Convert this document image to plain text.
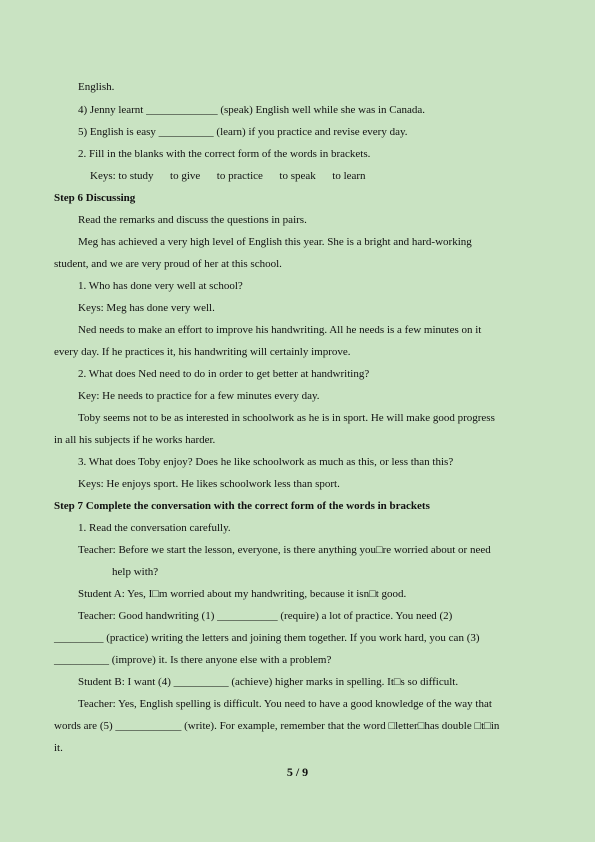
English.
4) Jenny learnt _____________ (speak) English well while she was in Canada.
5) English is easy __________ (learn) if you practice and revise every day.
2. Fill in the blanks with the correct form of the words in brackets.
Keys: to study      to give      to practice      to speak      to learn
Step 6 Discussing
Read the remarks and discuss the questions in pairs.
Meg has achieved a very high level of English this year. She is a bright and hard-working
student, and we are very proud of her at this school.
1. Who has done very well at school?
Keys: Meg has done very well.
Ned needs to make an effort to improve his handwriting. All he needs is a few minutes on it
every day. If he practices it, his handwriting will certainly improve.
2. What does Ned need to do in order to get better at handwriting?
Key: He needs to practice for a few minutes every day.
Toby seems not to be as interested in schoolwork as he is in sport. He will make good progress
in all his subjects if he works harder.
3. What does Toby enjoy? Does he like schoolwork as much as this, or less than this?
Keys: He enjoys sport. He likes schoolwork less than sport.
Step 7 Complete the conversation with the correct form of the words in brackets
1. Read the conversation carefully.
Teacher: Before we start the lesson, everyone, is there anything you□re worried about or need
help with?
Student A: Yes, I□m worried about my handwriting, because it isn□t good.
Teacher: Good handwriting (1) ___________ (require) a lot of practice. You need (2)
_________ (practice) writing the letters and joining them together. If you work hard, you can (3)
__________ (improve) it. Is there anyone else with a problem?
Student B: I want (4) __________ (achieve) higher marks in spelling. It□s so difficult.
Teacher: Yes, English spelling is difficult. You need to have a good knowledge of the way that
words are (5) ____________ (write). For example, remember that the word □letter□has double □t□in
it.
5 / 9
